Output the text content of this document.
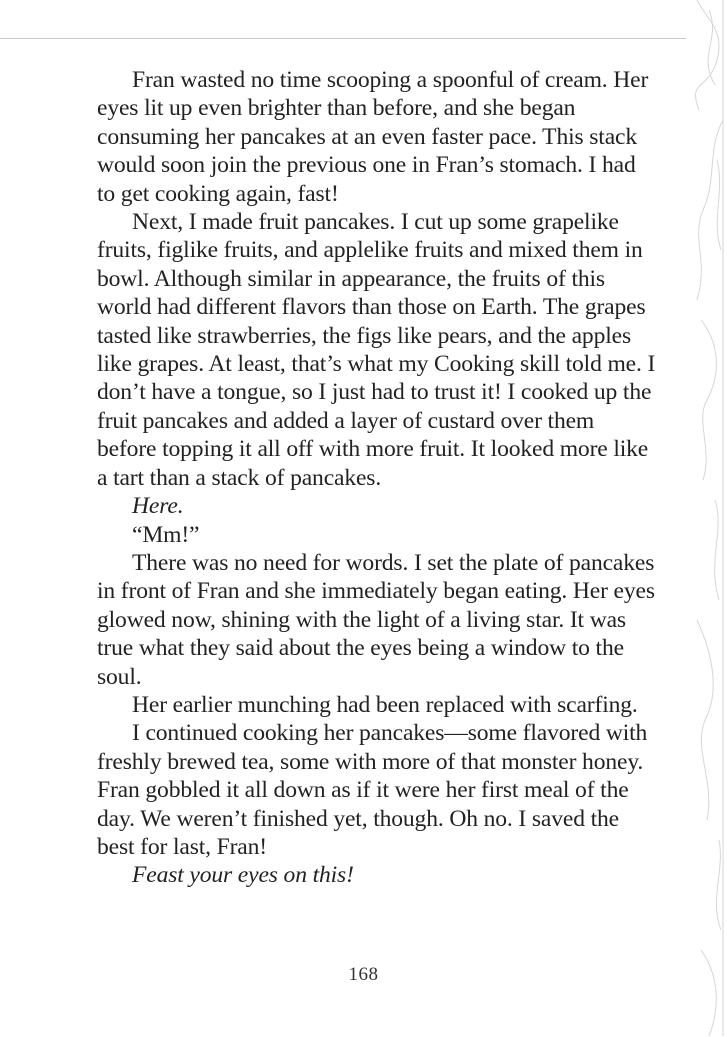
Fran wasted no time scooping a spoonful of cream. Her eyes lit up even brighter than before, and she began consuming her pancakes at an even faster pace. This stack would soon join the previous one in Fran’s stomach. I had to get cooking again, fast!

Next, I made fruit pancakes. I cut up some grapelike fruits, figlike fruits, and applelike fruits and mixed them in bowl. Although similar in appearance, the fruits of this world had different flavors than those on Earth. The grapes tasted like strawberries, the figs like pears, and the apples like grapes. At least, that’s what my Cooking skill told me. I don’t have a tongue, so I just had to trust it! I cooked up the fruit pancakes and added a layer of custard over them before topping it all off with more fruit. It looked more like a tart than a stack of pancakes.

Here.

“Mm!”

There was no need for words. I set the plate of pancakes in front of Fran and she immediately began eating. Her eyes glowed now, shining with the light of a living star. It was true what they said about the eyes being a window to the soul.

Her earlier munching had been replaced with scarfing.

I continued cooking her pancakes—some flavored with freshly brewed tea, some with more of that monster honey. Fran gobbled it all down as if it were her first meal of the day. We weren’t finished yet, though. Oh no. I saved the best for last, Fran!

Feast your eyes on this!

168
